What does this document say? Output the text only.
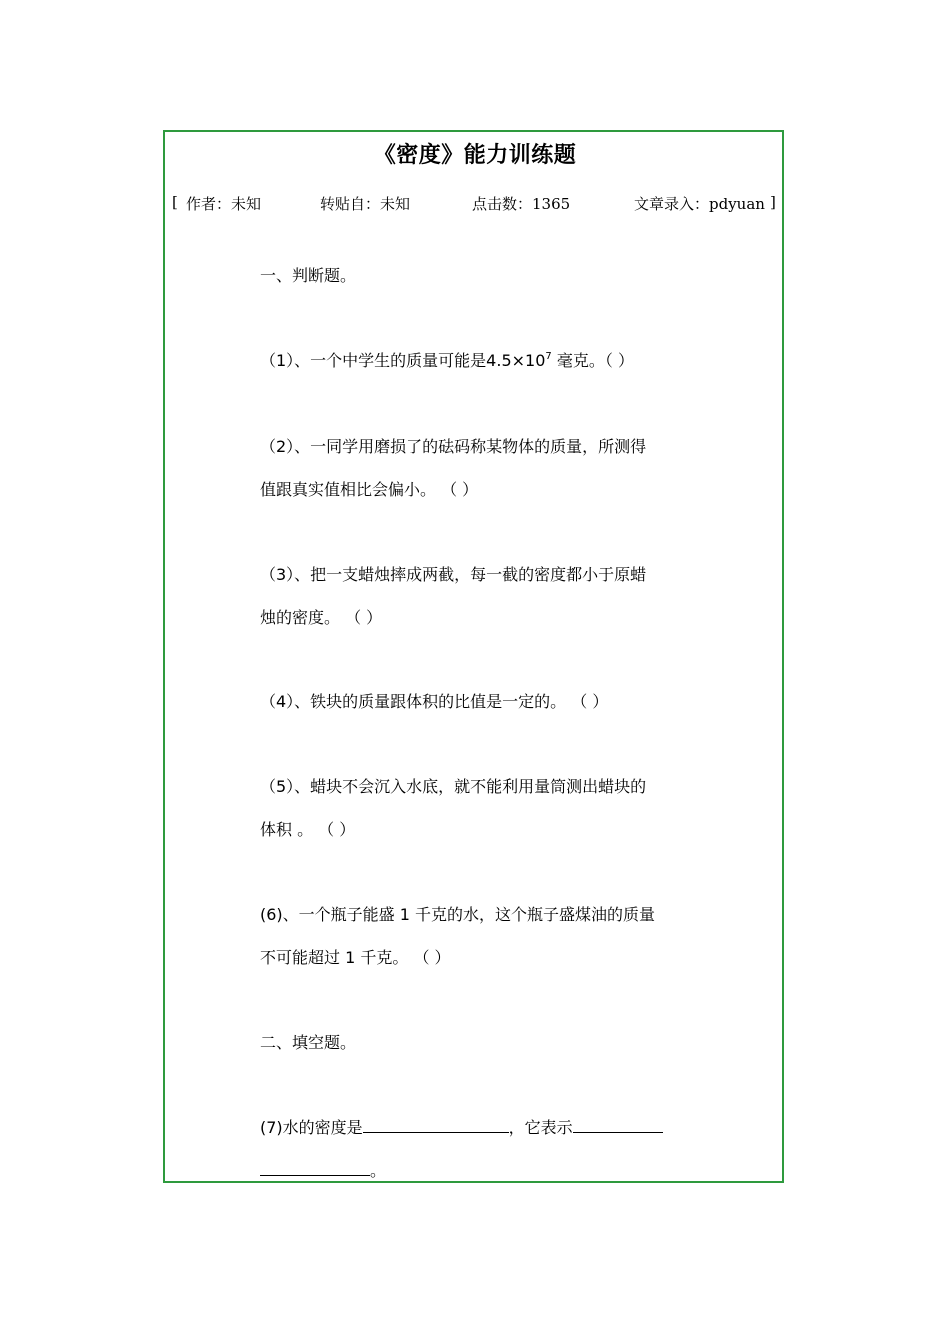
《密度》能力训练题
[ 作者：未知	转贴自：未知	点击数：1365	文章录入：pdyuan ]
一、判断题。
（1）、一个中学生的质量可能是$4.5\times 10^7$ 毫克。（ ）
（2）、一同学用磨损了的砝码称某物体的质量，所测得
值跟真实值相比会偏小。 （ ）
（3）、把一支蜡烛摔成两截，每一截的密度都小于原蜡
烛的密度。 （ ）
（4）、铁块的质量跟体积的比值是一定的。 （ ）
（5）、蜡块不会沉入水底，就不能利用量筒测出蜡块的
体积 。 （ ）
(6)、一个瓶子能盛 1 千克的水，这个瓶子盛煤油的质量
不可能超过 1 千克。 （ ）
二、填空题。
(7)水的密度是	，它表示
。
